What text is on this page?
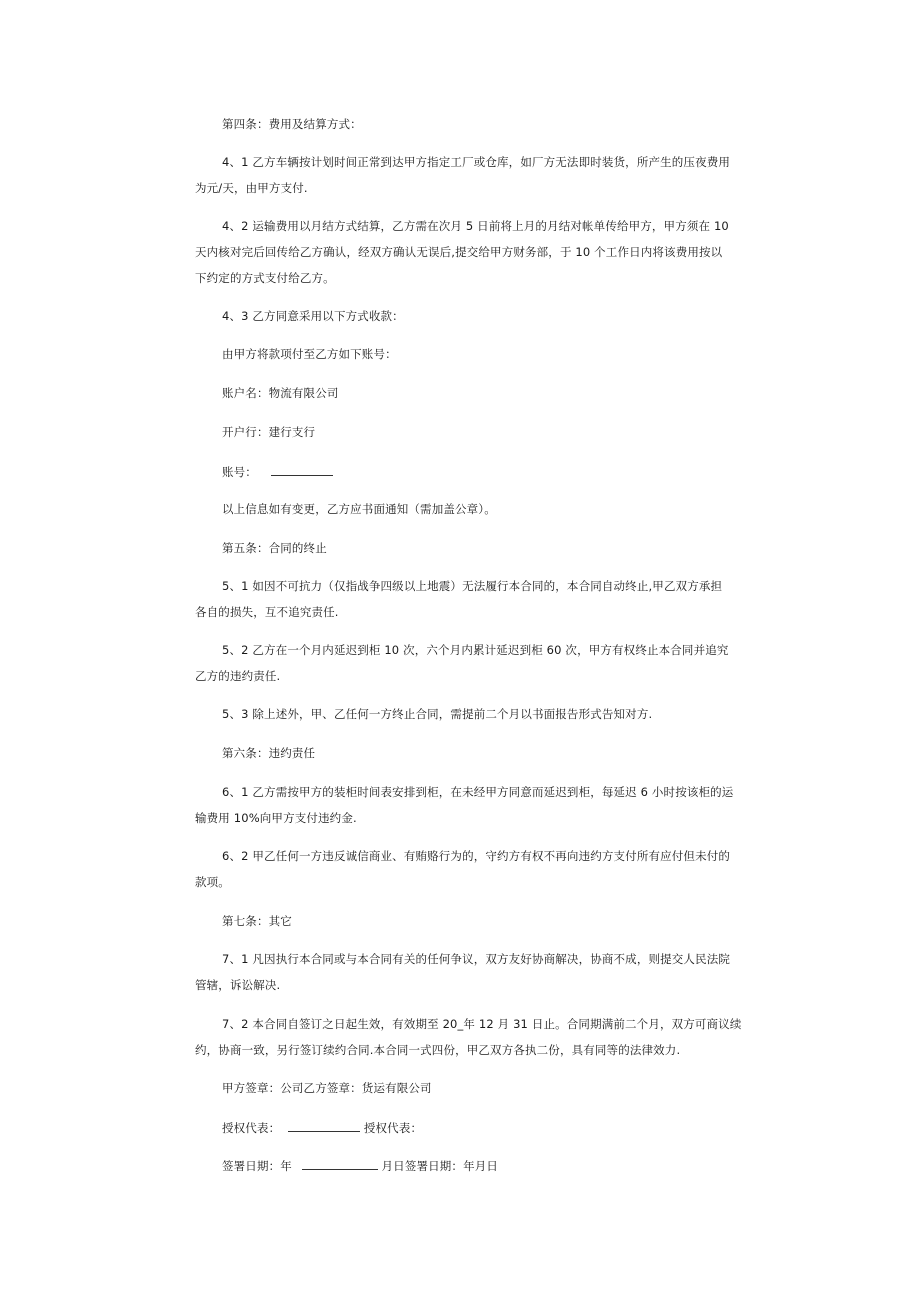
第四条：费用及结算方式：
4、1 乙方车辆按计划时间正常到达甲方指定工厂或仓库，如厂方无法即时装货，所产生的压夜费用
为元/天，由甲方支付.
4、2 运输费用以月结方式结算，乙方需在次月 5 日前将上月的月结对帐单传给甲方，甲方须在 10
天内核对完后回传给乙方确认，经双方确认无误后,提交给甲方财务部，于 10 个工作日内将该费用按以
下约定的方式支付给乙方。
4、3 乙方同意采用以下方式收款：
由甲方将款项付至乙方如下账号：
账户名：物流有限公司
开户行：建行支行
账号：
以上信息如有变更，乙方应书面通知（需加盖公章）。
第五条：合同的终止
5、1 如因不可抗力（仅指战争四级以上地震）无法履行本合同的，本合同自动终止,甲乙双方承担
各自的损失，互不追究责任.
5、2 乙方在一个月内延迟到柜 10 次，六个月内累计延迟到柜 60 次，甲方有权终止本合同并追究
乙方的违约责任.
5、3 除上述外，甲、乙任何一方终止合同，需提前二个月以书面报告形式告知对方.
第六条：违约责任
6、1 乙方需按甲方的装柜时间表安排到柜，在未经甲方同意而延迟到柜，每延迟 6 小时按该柜的运
输费用 10%向甲方支付违约金.
6、2 甲乙任何一方违反诚信商业、有贿赂行为的，守约方有权不再向违约方支付所有应付但未付的
款项。
第七条：其它
7、1 凡因执行本合同或与本合同有关的任何争议，双方友好协商解决，协商不成，则提交人民法院
管辖，诉讼解决.
7、2 本合同自签订之日起生效，有效期至 20_年 12 月 31 日止。合同期满前二个月，双方可商议续
约，协商一致，另行签订续约合同.本合同一式四份，甲乙双方各执二份，具有同等的法律效力.
甲方签章：公司乙方签章：货运有限公司
授权代表：	授权代表：
签署日期：年	月日签署日期：年月日
